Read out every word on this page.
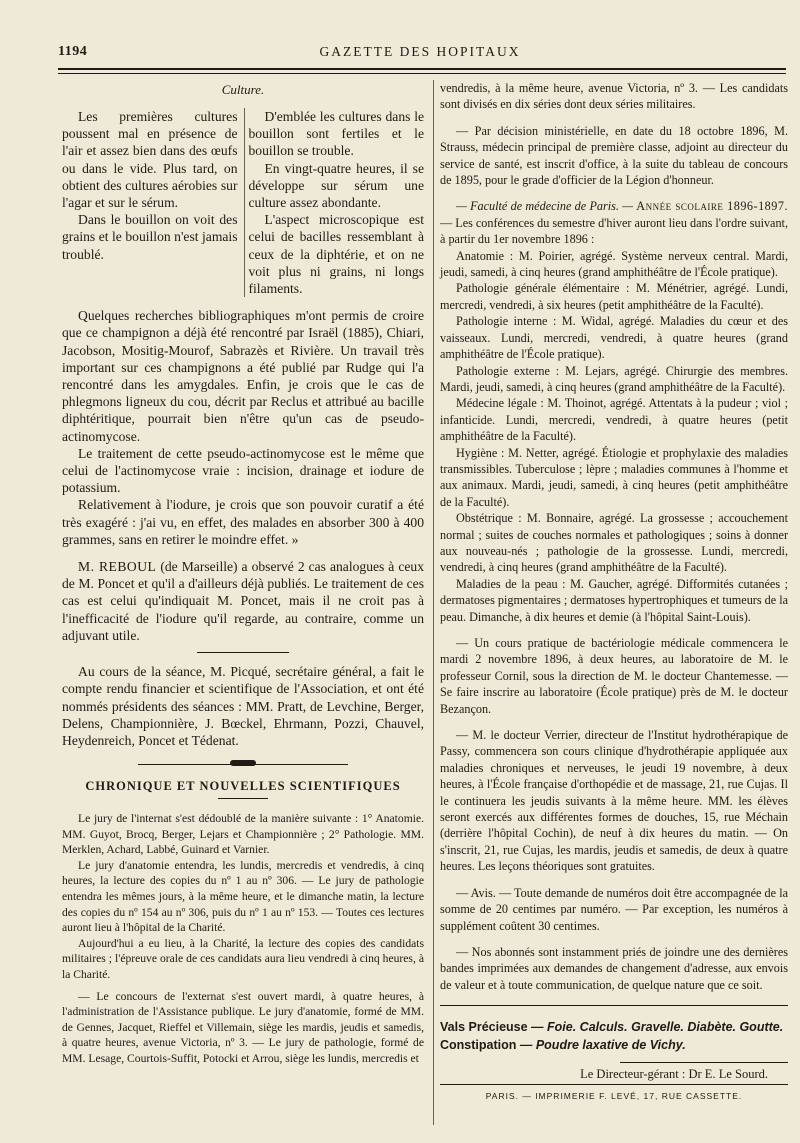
1194	GAZETTE DES HOPITAUX
Culture.

Les premières cultures poussent mal en présence de l'air et assez bien dans des œufs ou dans le vide. Plus tard, on obtient des cultures aérobies sur l'agar et sur le sérum.

Dans le bouillon on voit des grains et le bouillon n'est jamais troublé.

D'emblée les cultures dans le bouillon sont fertiles et le bouillon se trouble.

En vingt-quatre heures, il se développe sur sérum une culture assez abondante.

L'aspect microscopique est celui de bacilles ressemblant à ceux de la diphtérie, et on ne voit plus ni grains, ni longs filaments.

Quelques recherches bibliographiques m'ont permis de croire que ce champignon a déjà été rencontré par Israël (1885), Chiari, Jacobson, Mositig-Mourof, Sabrazès et Rivière. Un travail très important sur ces champignons a été publié par Rudge qui l'a rencontré dans les amygdales. Enfin, je crois que le cas de phlegmons ligneux du cou, décrit par Reclus et attribué au bacille diphtéritique, pourrait bien n'être qu'un cas de pseudo-actinomycose.

Le traitement de cette pseudo-actinomycose est le même que celui de l'actinomycose vraie : incision, drainage et iodure de potassium.

Relativement à l'iodure, je crois que son pouvoir curatif a été très exagéré : j'ai vu, en effet, des malades en absorber 300 à 400 grammes, sans en retirer le moindre effet. »

M. REBOUL (de Marseille) a observé 2 cas analogues à ceux de M. Poncet et qu'il a d'ailleurs déjà publiés. Le traitement de ces cas est celui qu'indiquait M. Poncet, mais il ne croit pas à l'inefficacité de l'iodure qu'il regarde, au contraire, comme un adjuvant utile.

Au cours de la séance, M. Picqué, secrétaire général, a fait le compte rendu financier et scientifique de l'Association, et ont été nommés présidents des séances : MM. Pratt, de Levchine, Berger, Delens, Championnière, J. Bœckel, Ehrmann, Pozzi, Chauvel, Heydenreich, Poncet et Tédenat.

CHRONIQUE ET NOUVELLES SCIENTIFIQUES

Le jury de l'internat s'est dédoublé de la manière suivante : 1° Anatomie. MM. Guyot, Brocq, Berger, Lejars et Championnière ; 2° Pathologie. MM. Merklen, Achard, Labbé, Guinard et Varnier.

Le jury d'anatomie entendra, les lundis, mercredis et vendredis, à cinq heures, la lecture des copies du nº 1 au nº 306. — Le jury de pathologie entendra les mêmes jours, à la même heure, et le dimanche matin, la lecture des copies du nº 154 au nº 306, puis du nº 1 au nº 153. — Toutes ces lectures auront lieu à l'hôpital de la Charité.

Aujourd'hui a eu lieu, à la Charité, la lecture des copies des candidats militaires ; l'épreuve orale de ces candidats aura lieu vendredi à cinq heures, à la Charité.

— Le concours de l'externat s'est ouvert mardi, à quatre heures, à l'administration de l'Assistance publique. Le jury d'anatomie, formé de MM. de Gennes, Jacquet, Rieffel et Villemain, siège les mardis, jeudis et samedis, à quatre heures, avenue Victoria, nº 3. — Le jury de pathologie, formé de MM. Lesage, Courtois-Suffit, Potocki et Arrou, siège les lundis, mercredis et

vendredis, à la même heure, avenue Victoria, nº 3. — Les candidats sont divisés en dix séries dont deux séries militaires.

— Par décision ministérielle, en date du 18 octobre 1896, M. Strauss, médecin principal de première classe, adjoint au directeur du service de santé, est inscrit d'office, à la suite du tableau de concours de 1895, pour le grade d'officier de la Légion d'honneur.

— Faculté de médecine de Paris. — Année scolaire 1896-1897. — Les conférences du semestre d'hiver auront lieu dans l'ordre suivant, à partir du 1er novembre 1896 :

Anatomie : M. Poirier, agrégé. Système nerveux central. Mardi, jeudi, samedi, à cinq heures (grand amphithéâtre de l'École pratique).

Pathologie générale élémentaire : M. Ménétrier, agrégé. Lundi, mercredi, vendredi, à six heures (petit amphithéâtre de la Faculté).

Pathologie interne : M. Widal, agrégé. Maladies du cœur et des vaisseaux. Lundi, mercredi, vendredi, à quatre heures (grand amphithéâtre de l'École pratique).

Pathologie externe : M. Lejars, agrégé. Chirurgie des membres. Mardi, jeudi, samedi, à cinq heures (grand amphithéâtre de la Faculté).

Médecine légale : M. Thoinot, agrégé. Attentats à la pudeur ; viol ; infanticide. Lundi, mercredi, vendredi, à quatre heures (petit amphithéâtre de la Faculté).

Hygiène : M. Netter, agrégé. Étiologie et prophylaxie des maladies transmissibles. Tuberculose ; lèpre ; maladies communes à l'homme et aux animaux. Mardi, jeudi, samedi, à cinq heures (petit amphithéâtre de la Faculté).

Obstétrique : M. Bonnaire, agrégé. La grossesse ; accouchement normal ; suites de couches normales et pathologiques ; soins à donner aux nouveau-nés ; pathologie de la grossesse. Lundi, mercredi, vendredi, à cinq heures (grand amphithéâtre de la Faculté).

Maladies de la peau : M. Gaucher, agrégé. Difformités cutanées ; dermatoses pigmentaires ; dermatoses hypertrophiques et tumeurs de la peau. Dimanche, à dix heures et demie (à l'hôpital Saint-Louis).

— Un cours pratique de bactériologie médicale commencera le mardi 2 novembre 1896, à deux heures, au laboratoire de M. le professeur Cornil, sous la direction de M. le docteur Chantemesse. — Se faire inscrire au laboratoire (École pratique) près de M. le docteur Bezançon.

— M. le docteur Verrier, directeur de l'Institut hydrothérapique de Passy, commencera son cours clinique d'hydrothérapie appliquée aux maladies chroniques et nerveuses, le jeudi 19 novembre, à deux heures, à l'École française d'orthopédie et de massage, 21, rue Cujas. Il le continuera les jeudis suivants à la même heure. MM. les élèves seront exercés aux différentes formes de douches, 15, rue Méchain (derrière l'hôpital Cochin), de neuf à dix heures du matin. — On s'inscrit, 21, rue Cujas, les mardis, jeudis et samedis, de deux à quatre heures. Les leçons théoriques sont gratuites.

— Avis. — Toute demande de numéros doit être accompagnée de la somme de 20 centimes par numéro. — Par exception, les numéros à supplément coûtent 30 centimes.

— Nos abonnés sont instamment priés de joindre une des dernières bandes imprimées aux demandes de changement d'adresse, aux envois de valeur et à toute communication, de quelque nature que ce soit.

Vals Précieuse — Foie. Calculs. Gravelle. Diabète. Goutte.
Constipation — Poudre laxative de Vichy.
Le Directeur-gérant : Dr E. Le Sourd.
PARIS. — IMPRIMERIE F. LEVÉ, 17, RUE CASSETTE.
